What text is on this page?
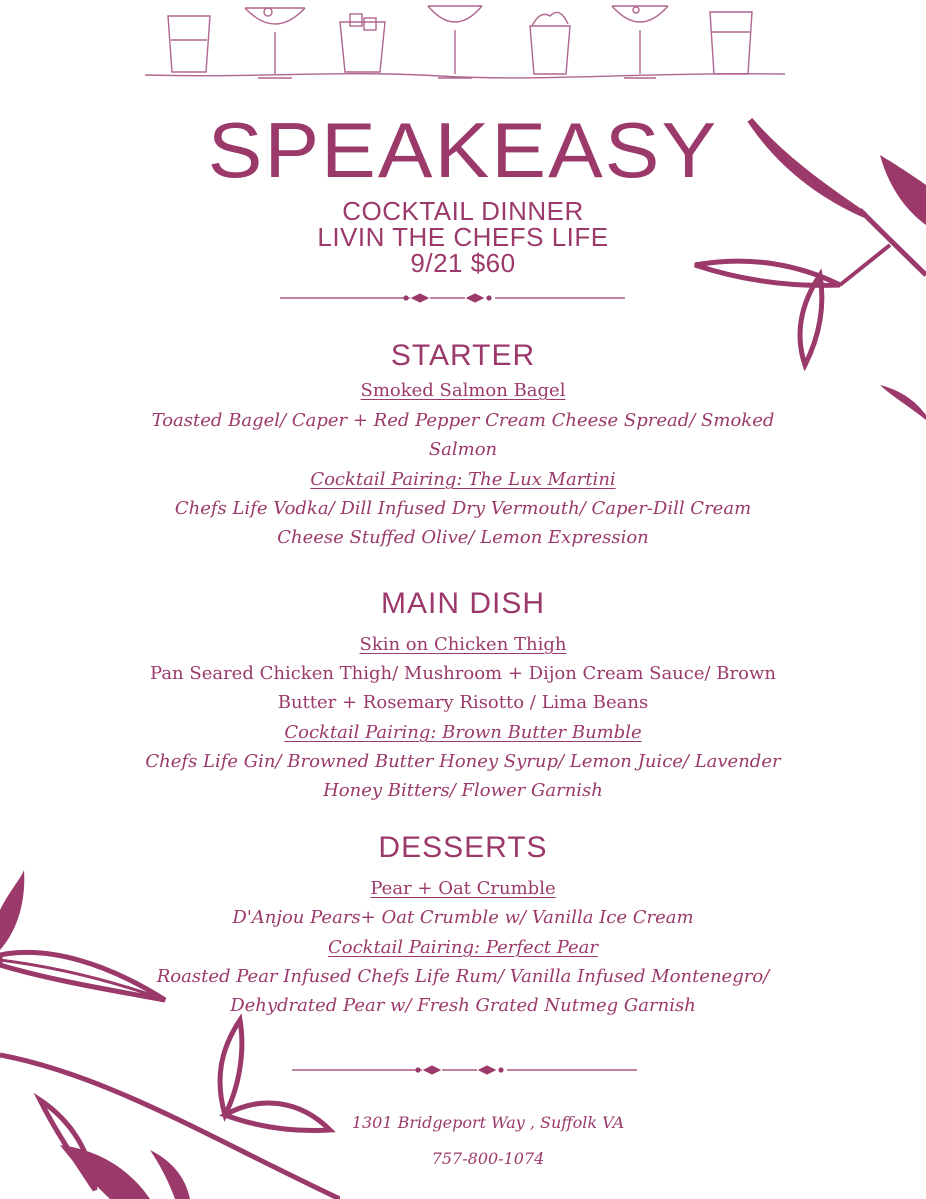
SPEAKEASY
COCKTAIL DINNER
LIVIN THE CHEFS LIFE
9/21 $60
STARTER
Smoked Salmon Bagel
Toasted Bagel/ Caper + Red Pepper Cream Cheese Spread/ Smoked
Salmon
Cocktail Pairing: The Lux Martini
Chefs Life Vodka/ Dill Infused Dry Vermouth/ Caper-Dill Cream
Cheese Stuffed Olive/ Lemon Expression
MAIN DISH
Skin on Chicken Thigh
Pan Seared Chicken Thigh/ Mushroom + Dijon Cream Sauce/ Brown
Butter + Rosemary Risotto / Lima Beans
Cocktail Pairing: Brown Butter Bumble
Chefs Life Gin/ Browned Butter Honey Syrup/ Lemon Juice/ Lavender
Honey Bitters/ Flower Garnish
DESSERTS
Pear + Oat Crumble
D'Anjou Pears+ Oat Crumble w/ Vanilla Ice Cream
Cocktail Pairing: Perfect Pear
Roasted Pear Infused Chefs Life Rum/ Vanilla Infused Montenegro/
Dehydrated Pear w/ Fresh Grated Nutmeg Garnish
1301 Bridgeport Way , Suffolk VA
757-800-1074
